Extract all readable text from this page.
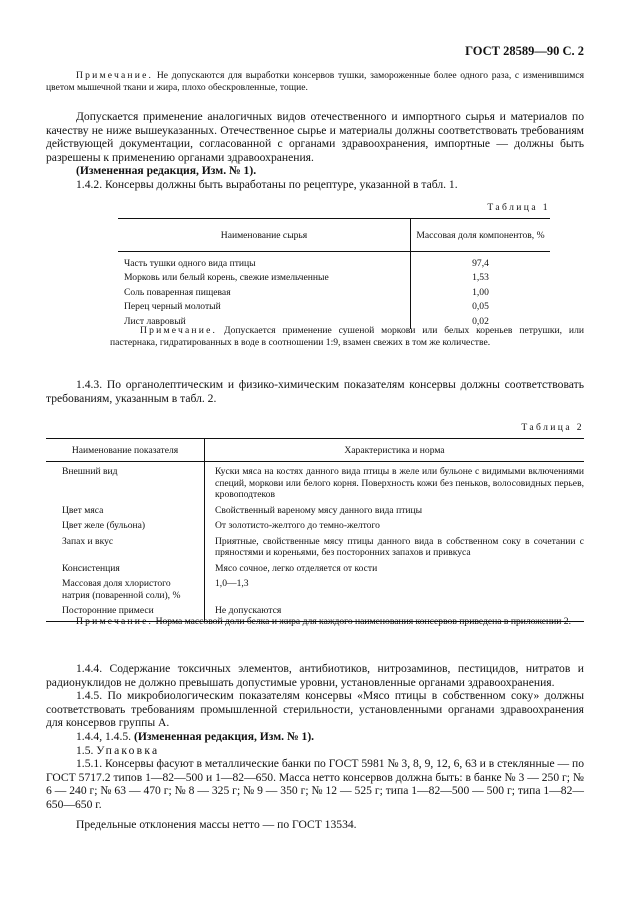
ГОСТ 28589—90 С. 2

Примечание. Не допускаются для выработки консервов тушки, замороженные более одного раза, с изменившимся цветом мышечной ткани и жира, плохо обескровленные, тощие.

Допускается применение аналогичных видов отечественного и импортного сырья и материалов по качеству не ниже вышеуказанных. Отечественное сырье и материалы должны соответствовать требованиям действующей документации, согласованной с органами здравоохранения, импортные — должны быть разрешены к применению органами здравоохранения.

(Измененная редакция, Изм. № 1).

1.4.2. Консервы должны быть выработаны по рецептуре, указанной в табл. 1.

Таблица 1
Наименование сырья	Массовая доля компонентов, %
Часть тушки одного вида птицы	97,4
Морковь или белый корень, свежие измельченные	1,53
Соль поваренная пищевая	1,00
Перец черный молотый	0,05
Лист лавровый	0,02

Примечание. Допускается применение сушеной моркови или белых кореньев петрушки, или пастернака, гидратированных в воде в соотношении 1:9, взамен свежих в том же количестве.

1.4.3. По органолептическим и физико-химическим показателям консервы должны соответствовать требованиям, указанным в табл. 2.

Таблица 2
Наименование показателя	Характеристика и норма
Внешний вид	Куски мяса на костях данного вида птицы в желе или бульоне с видимыми включениями специй, моркови или белого корня. Поверхность кожи без пеньков, волосовидных перьев, кровоподтеков
Цвет мяса	Свойственный вареному мясу данного вида птицы
Цвет желе (бульона)	От золотисто-желтого до темно-желтого
Запах и вкус	Приятные, свойственные мясу птицы данного вида в собственном соку в сочетании с пряностями и кореньями, без посторонних запахов и привкуса
Консистенция	Мясо сочное, легко отделяется от кости
Массовая доля хлористого натрия (поваренной соли), %	1,0—1,3
Посторонние примеси	Не допускаются

Примечание. Норма массовой доли белка и жира для каждого наименования консервов приведена в приложении 2.

1.4.4. Содержание токсичных элементов, антибиотиков, нитрозаминов, пестицидов, нитратов и радионуклидов не должно превышать допустимые уровни, установленные органами здравоохранения.

1.4.5. По микробиологическим показателям консервы «Мясо птицы в собственном соку» должны соответствовать требованиям промышленной стерильности, установленными органами здравоохранения для консервов группы А.

1.4.4, 1.4.5. (Измененная редакция, Изм. № 1).

1.5. Упаковка

1.5.1. Консервы фасуют в металлические банки по ГОСТ 5981 № 3, 8, 9, 12, 6, 63 и в стеклянные — по ГОСТ 5717.2 типов 1—82—500 и 1—82—650. Масса нетто консервов должна быть: в банке № 3 — 250 г; № 6 — 240 г; № 63 — 470 г; № 8 — 325 г; № 9 — 350 г; № 12 — 525 г; типа 1—82—500 — 500 г; типа 1—82—650—650 г.

Предельные отклонения массы нетто — по ГОСТ 13534.
